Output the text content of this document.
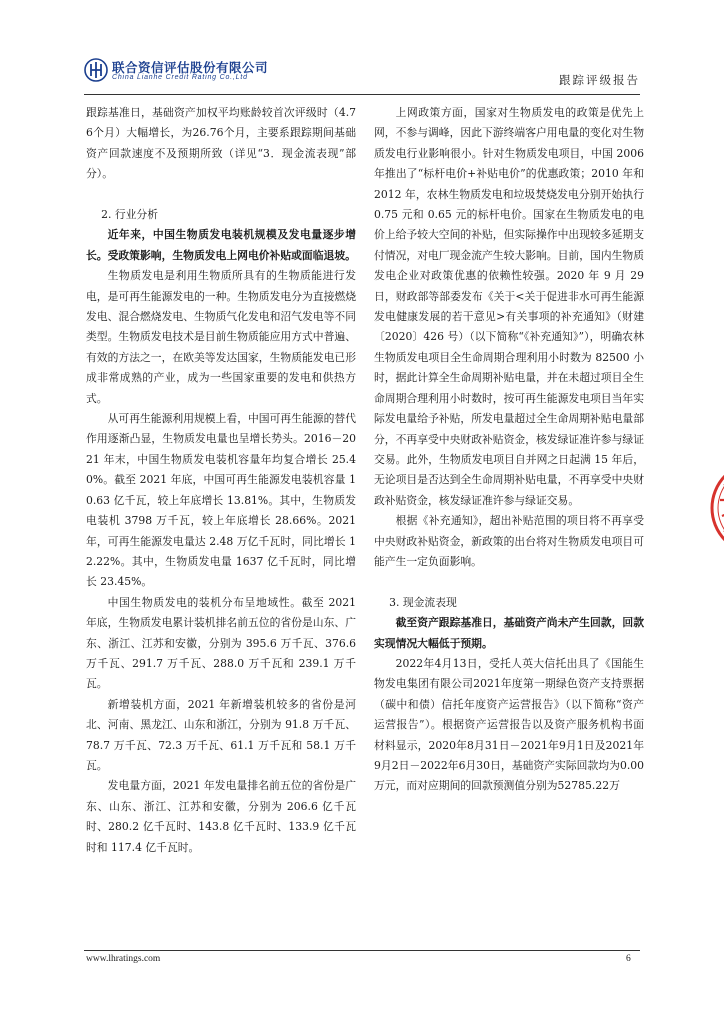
联合资信评估股份有限公司
China Lianhe Credit Rating Co.,Ltd	跟踪评级报告

跟踪基准日，基础资产加权平均账龄较首次评级时（4.76个月）大幅增长，为26.76个月，主要系跟踪期间基础资产回款速度不及预期所致（详见“3．现金流表现”部分）。

2. 行业分析

近年来，中国生物质发电装机规模及发电量逐步增长。受政策影响，生物质发电上网电价补贴或面临退坡。

生物质发电是利用生物质所具有的生物质能进行发电，是可再生能源发电的一种。生物质发电分为直接燃烧发电、混合燃烧发电、生物质气化发电和沼气发电等不同类型。生物质发电技术是目前生物质能应用方式中普遍、有效的方法之一，在欧美等发达国家，生物质能发电已形成非常成熟的产业，成为一些国家重要的发电和供热方式。

从可再生能源利用规模上看，中国可再生能源的替代作用逐渐凸显，生物质发电量也呈增长势头。2016－2021 年末，中国生物质发电装机容量年均复合增长 25.40%。截至 2021 年底，中国可再生能源发电装机容量 10.63 亿千瓦，较上年底增长 13.81%。其中，生物质发电装机 3798 万千瓦，较上年底增长 28.66%。2021 年，可再生能源发电量达 2.48 万亿千瓦时，同比增长 12.22%。其中，生物质发电量 1637 亿千瓦时，同比增长 23.45%。

中国生物质发电的装机分布呈地域性。截至 2021 年底，生物质发电累计装机排名前五位的省份是山东、广东、浙江、江苏和安徽，分别为 395.6 万千瓦、376.6 万千瓦、291.7 万千瓦、288.0 万千瓦和 239.1 万千瓦。

新增装机方面，2021 年新增装机较多的省份是河北、河南、黑龙江、山东和浙江，分别为 91.8 万千瓦、78.7 万千瓦、72.3 万千瓦、61.1 万千瓦和 58.1 万千瓦。

发电量方面，2021 年发电量排名前五位的省份是广东、山东、浙江、江苏和安徽，分别为 206.6 亿千瓦时、280.2 亿千瓦时、143.8 亿千瓦时、133.9 亿千瓦时和 117.4 亿千瓦时。

上网政策方面，国家对生物质发电的政策是优先上网，不参与调峰，因此下游终端客户用电量的变化对生物质发电行业影响很小。针对生物质发电项目，中国 2006 年推出了“标杆电价+补贴电价”的优惠政策；2010 年和 2012 年，农林生物质发电和垃圾焚烧发电分别开始执行 0.75 元和 0.65 元的标杆电价。国家在生物质发电的电价上给予较大空间的补贴，但实际操作中出现较多延期支付情况，对电厂现金流产生较大影响。目前，国内生物质发电企业对政策优惠的依赖性较强。2020 年 9 月 29 日，财政部等部委发布《关于<关于促进非水可再生能源发电健康发展的若干意见>有关事项的补充通知》（财建〔2020〕426 号）（以下简称“《补充通知》”），明确农林生物质发电项目全生命周期合理利用小时数为 82500 小时，据此计算全生命周期补贴电量，并在未超过项目全生命周期合理利用小时数时，按可再生能源发电项目当年实际发电量给予补贴，所发电量超过全生命周期补贴电量部分，不再享受中央财政补贴资金，核发绿证准许参与绿证交易。此外，生物质发电项目自并网之日起满 15 年后，无论项目是否达到全生命周期补贴电量，不再享受中央财政补贴资金，核发绿证准许参与绿证交易。

根据《补充通知》，超出补贴范围的项目将不再享受中央财政补贴资金，新政策的出台将对生物质发电项目可能产生一定负面影响。

3. 现金流表现

截至资产跟踪基准日，基础资产尚未产生回款，回款实现情况大幅低于预期。

2022年4月13日，受托人英大信托出具了《国能生物发电集团有限公司2021年度第一期绿色资产支持票据（碳中和债）信托年度资产运营报告》（以下简称“资产运营报告”）。根据资产运营报告以及资产服务机构书面材料显示，2020年8月31日－2021年9月1日及2021年9月2日－2022年6月30日，基础资产实际回款均为0.00万元，而对应期间的回款预测值分别为52785.22万

www.lhratings.com	6
